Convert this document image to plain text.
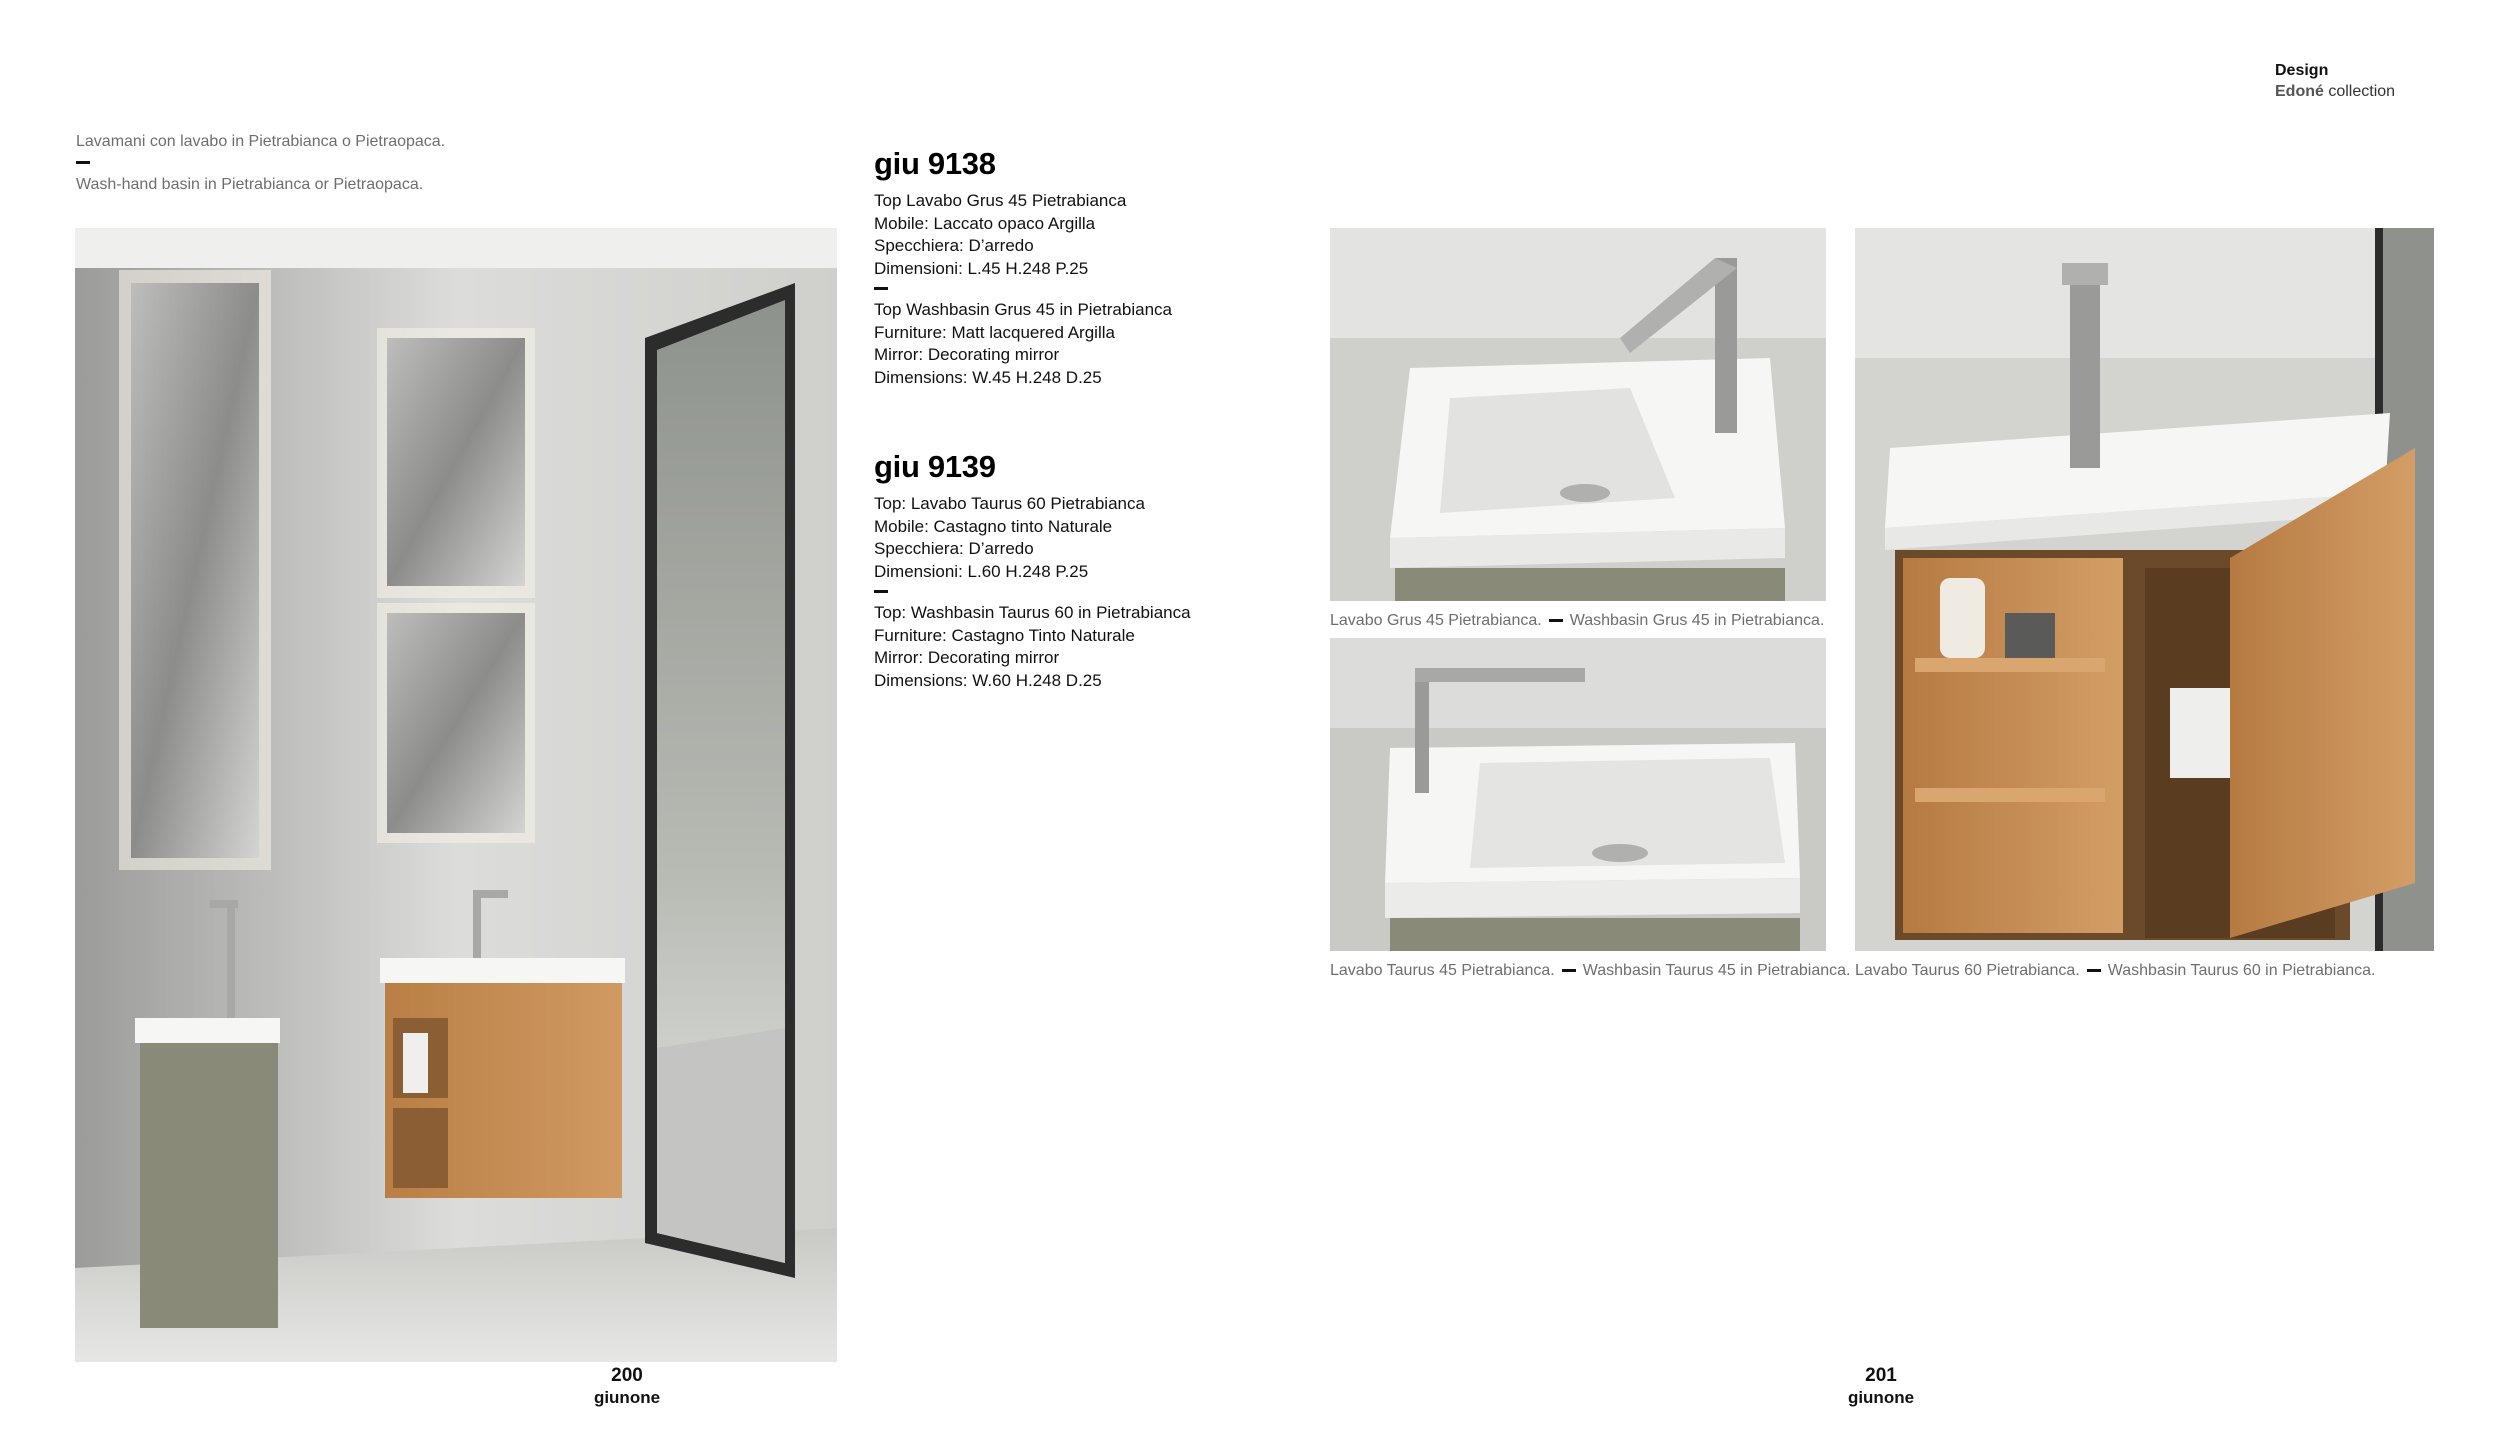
Design
Edoné collection
Lavamani con lavabo in Pietrabianca o Pietraopaca.
Wash-hand basin in Pietrabianca or Pietraopaca.
giu 9138
Top Lavabo Grus 45 Pietrabianca
Mobile: Laccato opaco Argilla
Specchiera: D’arredo
Dimensioni: L.45 H.248 P.25
Top Washbasin Grus 45 in Pietrabianca
Furniture: Matt lacquered Argilla
Mirror: Decorating mirror
Dimensions: W.45 H.248 D.25
giu 9139
Top: Lavabo Taurus 60 Pietrabianca
Mobile: Castagno tinto Naturale
Specchiera: D’arredo
Dimensioni: L.60 H.248 P.25
Top: Washbasin Taurus 60 in Pietrabianca
Furniture: Castagno Tinto Naturale
Mirror: Decorating mirror
Dimensions: W.60 H.248 D.25
Lavabo Grus 45 Pietrabianca. Washbasin Grus 45 in Pietrabianca.
Lavabo Taurus 45 Pietrabianca. Washbasin Taurus 45 in Pietrabianca. Lavabo Taurus 60 Pietrabianca. Washbasin Taurus 60 in Pietrabianca.
200
giunone
201
giunone
